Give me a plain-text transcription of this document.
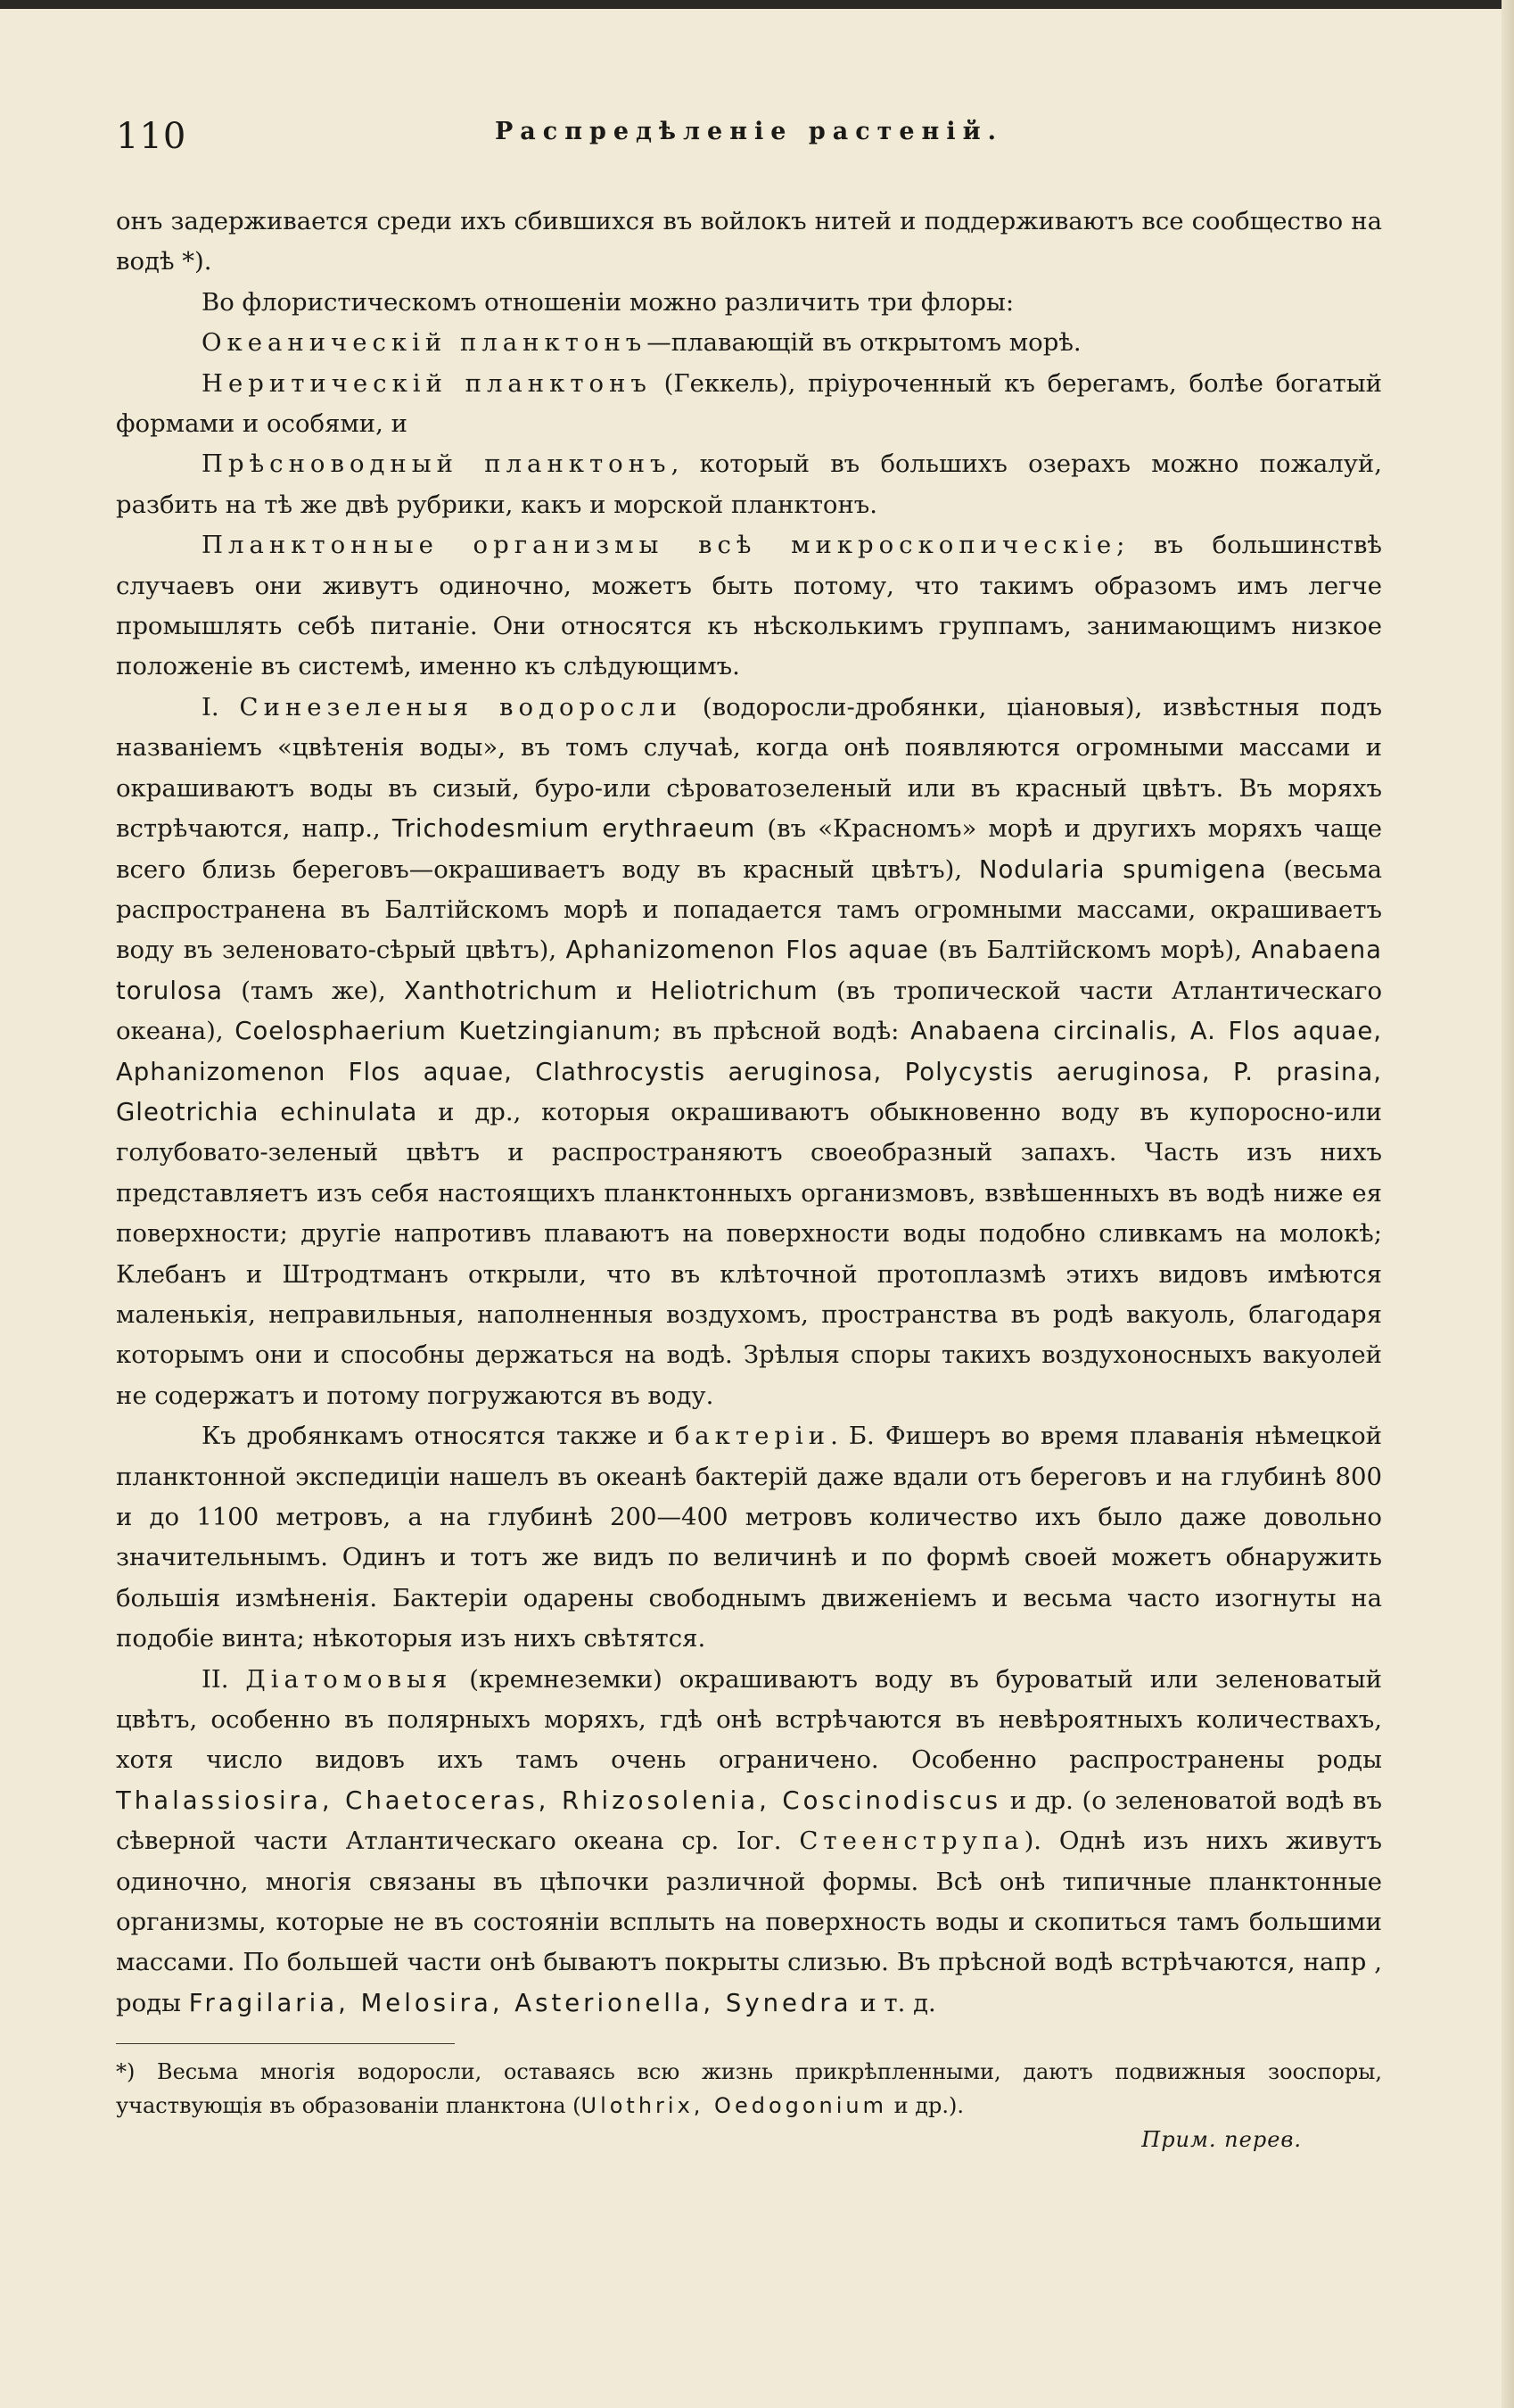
110	Распредѣленіе растеній.

онъ задерживается среди ихъ сбившихся въ войлокъ нитей и поддерживаютъ все сообщество на водѣ *).

Во флористическомъ отношеніи можно различить три флоры:

Океаническій планктонъ—плавающій въ открытомъ морѣ.

Неритическій планктонъ (Геккель), пріуроченный къ берегамъ, болѣе богатый формами и особями, и

Прѣсноводный планктонъ, который въ большихъ озерахъ можно пожалуй, разбить на тѣ же двѣ рубрики, какъ и морской планктонъ.

Планктонные организмы всѣ микроскопическіе; въ большинствѣ случаевъ они живутъ одиночно, можетъ быть потому, что такимъ образомъ имъ легче промышлять себѣ питаніе. Они относятся къ нѣсколькимъ группамъ, занимающимъ низкое положеніе въ системѣ, именно къ слѣдующимъ.

I. Синезеленыя водоросли (водоросли-дробянки, ціановыя), извѣстныя подъ названіемъ «цвѣтенія воды», въ томъ случаѣ, когда онѣ появляются огромными массами и окрашиваютъ воды въ сизый, буро-или сѣроватозеленый или въ красный цвѣтъ. Въ моряхъ встрѣчаются, напр., Trichodesmium erythraeum (въ «Красномъ» морѣ и другихъ моряхъ чаще всего близь береговъ—окрашиваетъ воду въ красный цвѣтъ), Nodularia spumigena (весьма распространена въ Балтійскомъ морѣ и попадается тамъ огромными массами, окрашиваетъ воду въ зеленовато-сѣрый цвѣтъ), Aphanizomenon Flos aquae (въ Балтійскомъ морѣ), Anabaena torulosa (тамъ же), Xanthotrichum и Heliotrichum (въ тропической части Атлантическаго океана), Coelosphaerium Kuetzingianum; въ прѣсной водѣ: Anabaena circinalis, A. Flos aquae, Aphanizomenon Flos aquae, Clathrocystis aeruginosa, Polycystis aeruginosa, P. prasina, Gleotrichia echinulata и др., которыя окрашиваютъ обыкновенно воду въ купоросно-или голубовато-зеленый цвѣтъ и распространяютъ своеобразный запахъ. Часть изъ нихъ представляетъ изъ себя настоящихъ планктонныхъ организмовъ, взвѣшенныхъ въ водѣ ниже ея поверхности; другіе напротивъ плаваютъ на поверхности воды подобно сливкамъ на молокѣ; Клебанъ и Штродтманъ открыли, что въ клѣточной протоплазмѣ этихъ видовъ имѣются маленькія, неправильныя, наполненныя воздухомъ, пространства въ родѣ вакуоль, благодаря которымъ они и способны держаться на водѣ. Зрѣлыя споры такихъ воздухоносныхъ вакуолей не содержатъ и потому погружаются въ воду.

Къ дробянкамъ относятся также и бактеріи. Б. Фишеръ во время плаванія нѣмецкой планктонной экспедиціи нашелъ въ океанѣ бактерій даже вдали отъ береговъ и на глубинѣ 800 и до 1100 метровъ, а на глубинѣ 200—400 метровъ количество ихъ было даже довольно значительнымъ. Одинъ и тотъ же видъ по величинѣ и по формѣ своей можетъ обнаружить большія измѣненія. Бактеріи одарены свободнымъ движеніемъ и весьма часто изогнуты на подобіе винта; нѣкоторыя изъ нихъ свѣтятся.

II. Діатомовыя (кремнеземки) окрашиваютъ воду въ буроватый или зеленоватый цвѣтъ, особенно въ полярныхъ моряхъ, гдѣ онѣ встрѣчаются въ невѣроятныхъ количествахъ, хотя число видовъ ихъ тамъ очень ограничено. Особенно распространены роды Thalassiosira, Chaetoceras, Rhizosolenia, Coscinodiscus и др. (о зеленоватой водѣ въ сѣверной части Атлантическаго океана ср. Іог. Стеенструпа). Однѣ изъ нихъ живутъ одиночно, многія связаны въ цѣпочки различной формы. Всѣ онѣ типичные планктонные организмы, которые не въ состояніи всплыть на поверхность воды и скопиться тамъ большими массами. По большей части онѣ бываютъ покрыты слизью. Въ прѣсной водѣ встрѣчаются, напр , роды Fragilaria, Melosira, Asterionella, Synedra и т. д.

*) Весьма многія водоросли, оставаясь всю жизнь прикрѣпленными, даютъ подвижныя зооспоры, участвующія въ образованіи планктона (Ulothrix, Oedogonium и др.).

Прим. перев.
